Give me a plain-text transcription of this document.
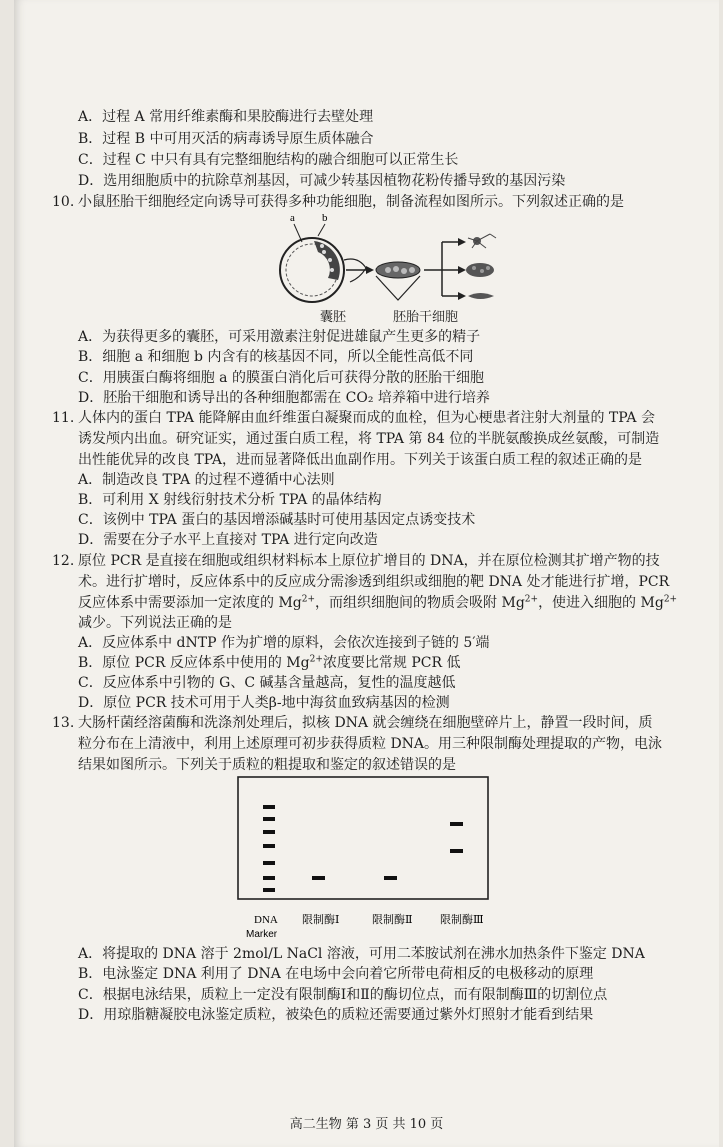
A．过程 A 常用纤维素酶和果胶酶进行去壁处理
B．过程 B 中可用灭活的病毒诱导原生质体融合
C．过程 C 中只有具有完整细胞结构的融合细胞可以正常生长
D．选用细胞质中的抗除草剂基因，可减少转基因植物花粉传播导致的基因污染
10. 小鼠胚胎干细胞经定向诱导可获得多种功能细胞，制备流程如图所示。下列叙述正确的是
a b
囊胚	胚胎干细胞
A．为获得更多的囊胚，可采用激素注射促进雄鼠产生更多的精子
B．细胞 a 和细胞 b 内含有的核基因不同，所以全能性高低不同
C．用胰蛋白酶将细胞 a 的膜蛋白消化后可获得分散的胚胎干细胞
D．胚胎干细胞和诱导出的各种细胞都需在 CO₂ 培养箱中进行培养
11. 人体内的蛋白 TPA 能降解由血纤维蛋白凝聚而成的血栓，但为心梗患者注射大剂量的 TPA 会
诱发颅内出血。研究证实，通过蛋白质工程，将 TPA 第 84 位的半胱氨酸换成丝氨酸，可制造
出性能优异的改良 TPA，进而显著降低出血副作用。下列关于该蛋白质工程的叙述正确的是
A．制造改良 TPA 的过程不遵循中心法则
B．可利用 X 射线衍射技术分析 TPA 的晶体结构
C．该例中 TPA 蛋白的基因增添碱基时可使用基因定点诱变技术
D．需要在分子水平上直接对 TPA 进行定向改造
12. 原位 PCR 是直接在细胞或组织材料标本上原位扩增目的 DNA，并在原位检测其扩增产物的技
术。进行扩增时，反应体系中的反应成分需渗透到组织或细胞的靶 DNA 处才能进行扩增，PCR
反应体系中需要添加一定浓度的 $Mg^{2+}$，而组织细胞间的物质会吸附 $Mg^{2+}$，使进入细胞的 $Mg^{2+}$
减少。下列说法正确的是
A．反应体系中 dNTP 作为扩增的原料，会依次连接到子链的 5′端
B．原位 PCR 反应体系中使用的 $Mg^{2+}$浓度要比常规 PCR 低
C．反应体系中引物的 G、C 碱基含量越高，复性的温度越低
D．原位 PCR 技术可用于人类β-地中海贫血致病基因的检测
13. 大肠杆菌经溶菌酶和洗涤剂处理后，拟核 DNA 就会缠绕在细胞壁碎片上，静置一段时间，质
粒分布在上清液中，利用上述原理可初步获得质粒 DNA。用三种限制酶处理提取的产物，电泳
结果如图所示。下列关于质粒的粗提取和鉴定的叙述错误的是
DNA
Marker
限制酶Ⅰ	限制酶Ⅱ	限制酶Ⅲ
A．将提取的 DNA 溶于 2mol/L NaCl 溶液，可用二苯胺试剂在沸水加热条件下鉴定 DNA
B．电泳鉴定 DNA 利用了 DNA 在电场中会向着它所带电荷相反的电极移动的原理
C．根据电泳结果，质粒上一定没有限制酶Ⅰ和Ⅱ的酶切位点，而有限制酶Ⅲ的切割位点
D．用琼脂糖凝胶电泳鉴定质粒，被染色的质粒还需要通过紫外灯照射才能看到结果
高二生物 第 3 页 共 10 页
